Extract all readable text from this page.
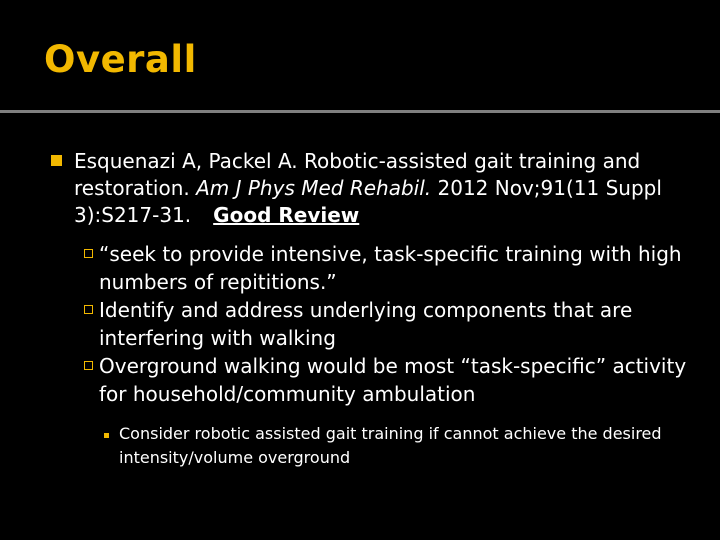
Overall
Esquenazi A, Packel A. Robotic-assisted gait training and restoration. Am J Phys Med Rehabil. 2012 Nov;91(11 Suppl 3):S217-31. Good Review
“seek to provide intensive, task-specific training with high numbers of repititions.”
Identify and address underlying components that are interfering with walking
Overground walking would be most “task-specific” activity for household/community ambulation
Consider robotic assisted gait training if cannot achieve the desired intensity/volume overground
